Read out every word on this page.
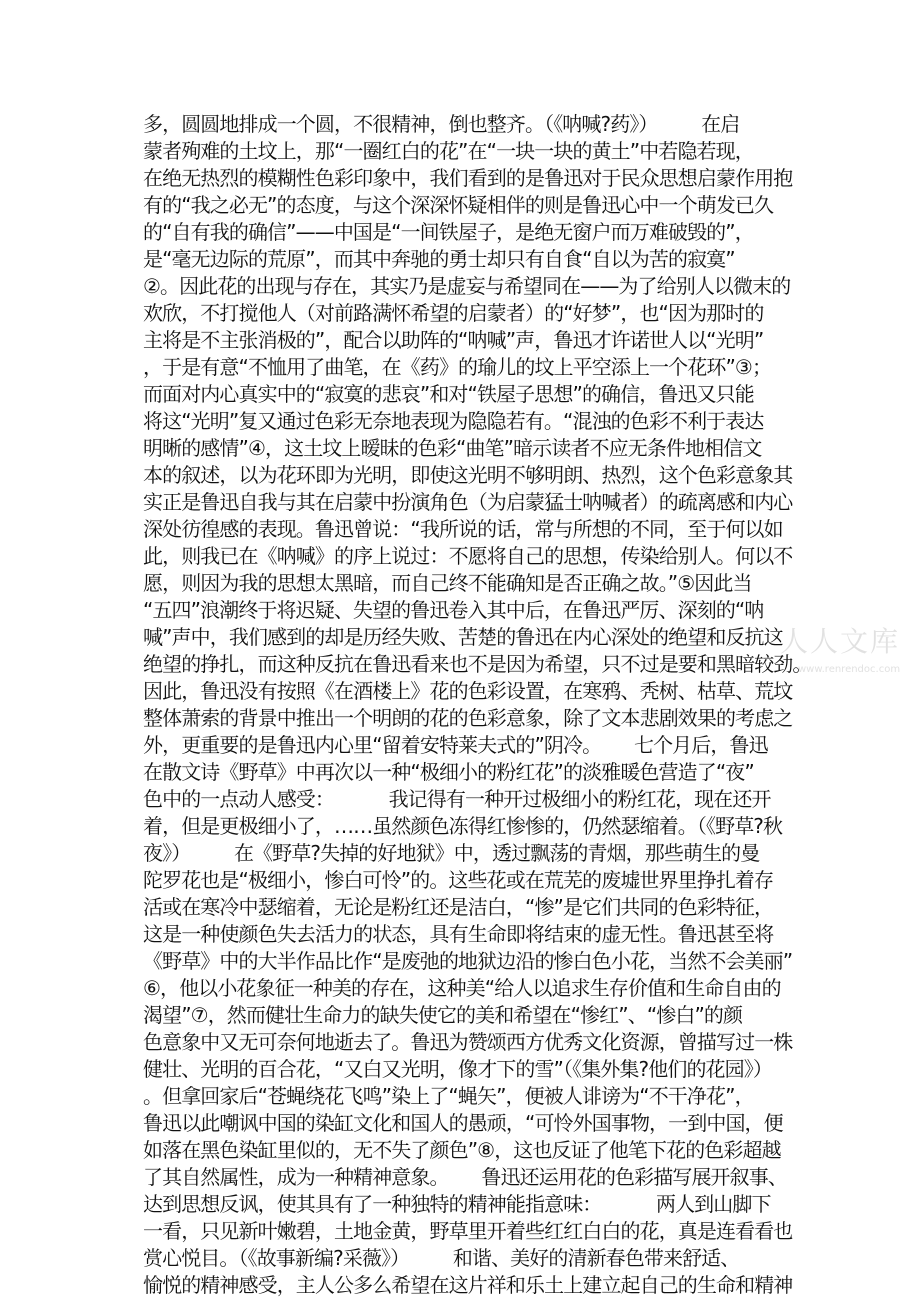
多，圆圆地排成一个圆，不很精神，倒也整齐。（《呐喊?药》）        在启
蒙者殉难的土坟上，那“一圈红白的花”在“一块一块的黄土”中若隐若现，
在绝无热烈的模糊性色彩印象中，我们看到的是鲁迅对于民众思想启蒙作用抱
有的“我之必无”的态度，与这个深深怀疑相伴的则是鲁迅心中一个萌发已久
的“自有我的确信”——中国是“一间铁屋子，是绝无窗户而万难破毁的”，
是“毫无边际的荒原”，而其中奔驰的勇士却只有自食“自以为苦的寂寞”
②。因此花的出现与存在，其实乃是虚妄与希望同在——为了给别人以微末的
欢欣，不打搅他人（对前路满怀希望的启蒙者）的“好梦”，也“因为那时的
主将是不主张消极的”，配合以助阵的“呐喊”声，鲁迅才许诺世人以“光明”
，于是有意“不恤用了曲笔，在《药》的瑜儿的坟上平空添上一个花环”③；
而面对内心真实中的“寂寞的悲哀”和对“铁屋子思想”的确信，鲁迅又只能
将这“光明”复又通过色彩无奈地表现为隐隐若有。“混浊的色彩不利于表达
明晰的感情”④，这土坟上暧昧的色彩“曲笔”暗示读者不应无条件地相信文
本的叙述，以为花环即为光明，即使这光明不够明朗、热烈，这个色彩意象其
实正是鲁迅自我与其在启蒙中扮演角色（为启蒙猛士呐喊者）的疏离感和内心
深处彷徨感的表现。鲁迅曾说：“我所说的话，常与所想的不同，至于何以如
此，则我已在《呐喊》的序上说过：不愿将自己的思想，传染给别人。何以不
愿，则因为我的思想太黑暗，而自己终不能确知是否正确之故。”⑤因此当
“五四”浪潮终于将迟疑、失望的鲁迅卷入其中后，在鲁迅严厉、深刻的“呐
喊”声中，我们感到的却是历经失败、苦楚的鲁迅在内心深处的绝望和反抗这
绝望的挣扎，而这种反抗在鲁迅看来也不是因为希望，只不过是要和黑暗较劲。
因此，鲁迅没有按照《在酒楼上》花的色彩设置，在寒鸦、秃树、枯草、荒坟
整体萧索的背景中推出一个明朗的花的色彩意象，除了文本悲剧效果的考虑之
外，更重要的是鲁迅内心里“留着安特莱夫式的”阴冷。      七个月后，鲁迅
在散文诗《野草》中再次以一种“极细小的粉红花”的淡雅暖色营造了“夜”
色中的一点动人感受：          我记得有一种开过极细小的粉红花，现在还开
着，但是更极细小了，……虽然颜色冻得红惨惨的，仍然瑟缩着。（《野草?秋
夜》）        在《野草?失掉的好地狱》中，透过飘荡的青烟，那些萌生的曼
陀罗花也是“极细小，惨白可怜”的。这些花或在荒芜的废墟世界里挣扎着存
活或在寒冷中瑟缩着，无论是粉红还是洁白，“惨”是它们共同的色彩特征，
这是一种使颜色失去活力的状态，具有生命即将结束的虚无性。鲁迅甚至将
《野草》中的大半作品比作“是废弛的地狱边沿的惨白色小花，当然不会美丽”
⑥，他以小花象征一种美的存在，这种美“给人以追求生存价值和生命自由的
渴望”⑦，然而健壮生命力的缺失使它的美和希望在“惨红”、“惨白”的颜
色意象中又无可奈何地逝去了。鲁迅为赞颂西方优秀文化资源，曾描写过一株
健壮、光明的百合花，“又白又光明，像才下的雪”（《集外集?他们的花园》）
。但拿回家后“苍蝇绕花飞鸣”染上了“蝇矢”，便被人诽谤为“不干净花”，
鲁迅以此嘲讽中国的染缸文化和国人的愚顽，“可怜外国事物，一到中国，便
如落在黑色染缸里似的，无不失了颜色”⑧，这也反证了他笔下花的色彩超越
了其自然属性，成为一种精神意象。      鲁迅还运用花的色彩描写展开叙事、
达到思想反讽，使其具有了一种独特的精神能指意味：          两人到山脚下
一看，只见新叶嫩碧，土地金黄，野草里开着些红红白白的花，真是连看看也
赏心悦目。（《故事新编?采薇》）        和谐、美好的清新春色带来舒适、
愉悦的精神感受，主人公多么希望在这片祥和乐土上建立起自己的生命和精神
人人文库
www.renrendoc.com
